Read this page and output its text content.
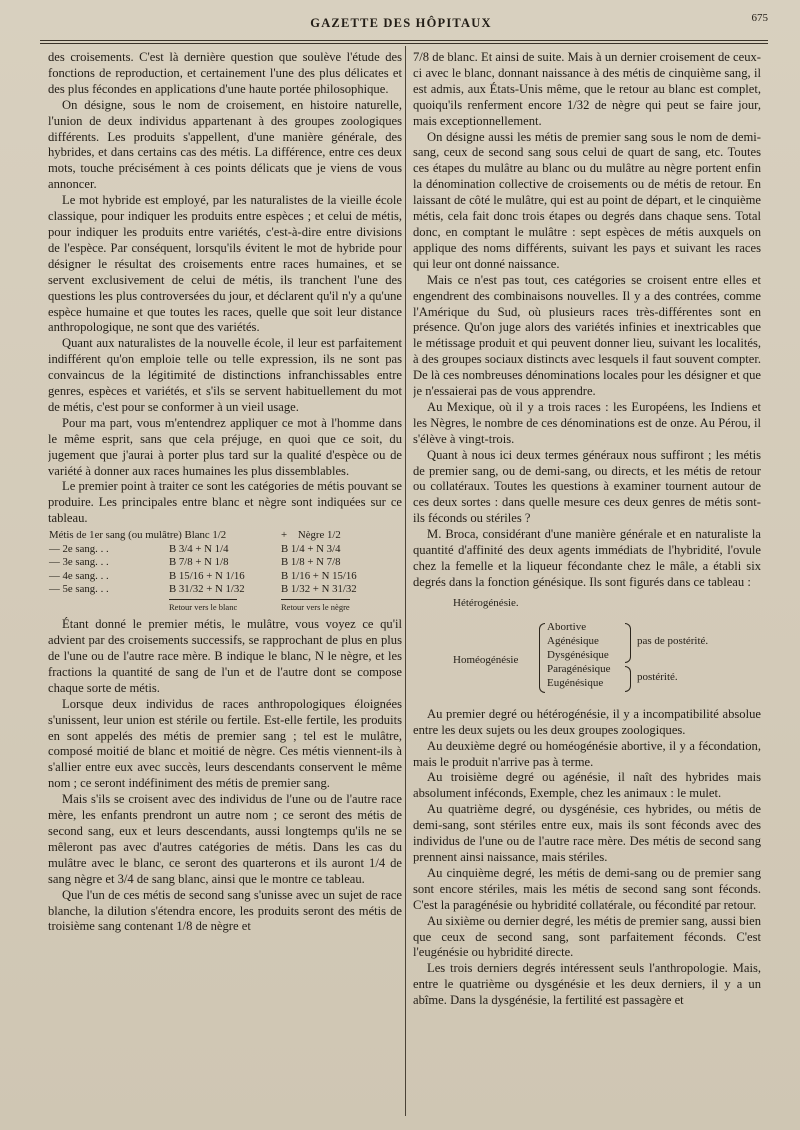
GAZETTE DES HÔPITAUX	675

des croisements. C'est là dernière question que soulève l'étude des fonctions de reproduction, et certainement l'une des plus délicates et des plus fécondes en applications d'une haute portée philosophique.

On désigne, sous le nom de croisement, en histoire naturelle, l'union de deux individus appartenant à des groupes zoologiques différents. Les produits s'appellent, d'une manière générale, des hybrides, et dans certains cas des métis. La différence, entre ces deux mots, touche précisément à ces points délicats que je viens de vous annoncer.

Le mot hybride est employé, par les naturalistes de la vieille école classique, pour indiquer les produits entre espèces ; et celui de métis, pour indiquer les produits entre variétés, c'est-à-dire entre divisions de l'espèce. Par conséquent, lorsqu'ils évitent le mot de hybride pour désigner le résultat des croisements entre races humaines, et se servent exclusivement de celui de métis, ils tranchent l'une des questions les plus controversées du jour, et déclarent qu'il n'y a qu'une espèce humaine et que toutes les races, quelle que soit leur distance anthropologique, ne sont que des variétés.

Quant aux naturalistes de la nouvelle école, il leur est parfaitement indifférent qu'on emploie telle ou telle expression, ils ne sont pas convaincus de la légitimité de distinctions infranchissables entre genres, espèces et variétés, et s'ils se servent habituellement du mot de métis, c'est pour se conformer à un vieil usage.

Pour ma part, vous m'entendrez appliquer ce mot à l'homme dans le même esprit, sans que cela préjuge, en quoi que ce soit, du jugement que j'aurai à porter plus tard sur la qualité d'espèce ou de variété à donner aux races humaines les plus dissemblables.

Le premier point à traiter ce sont les catégories de métis pouvant se produire. Les principales entre blanc et nègre sont indiquées sur ce tableau.

Métis de 1er sang (ou mulâtre) Blanc 1/2		+ Nègre 1/2
— 2e sang. . .	B 3/4 + N 1/4	B 1/4 + N 3/4
— 3e sang. . .	B 7/8 + N 1/8	B 1/8 + N 7/8
— 4e sang. . .	B 15/16 + N 1/16	B 1/16 + N 15/16
— 5e sang. . .	B 31/32 + N 1/32	B 1/32 + N 31/32
	Retour vers le blanc	Retour vers le nègre

Étant donné le premier métis, le mulâtre, vous voyez ce qu'il advient par des croisements successifs, se rapprochant de plus en plus de l'une ou de l'autre race mère. B indique le blanc, N le nègre, et les fractions la quantité de sang de l'un et de l'autre dont se compose chaque sorte de métis.

Lorsque deux individus de races anthropologiques éloignées s'unissent, leur union est stérile ou fertile. Est-elle fertile, les produits en sont appelés des métis de premier sang ; tel est le mulâtre, composé moitié de blanc et moitié de nègre. Ces métis viennent-ils à s'allier entre eux avec succès, leurs descendants conservent le même nom ; ce seront indéfiniment des métis de premier sang.

Mais s'ils se croisent avec des individus de l'une ou de l'autre race mère, les enfants prendront un autre nom ; ce seront des métis de second sang, eux et leurs descendants, aussi longtemps qu'ils ne se mêleront pas avec d'autres catégories de métis. Dans les cas du mulâtre avec le blanc, ce seront des quarterons et ils auront 1/4 de sang nègre et 3/4 de sang blanc, ainsi que le montre ce tableau.

Que l'un de ces métis de second sang s'unisse avec un sujet de race blanche, la dilution s'étendra encore, les produits seront des métis de troisième sang contenant 1/8 de nègre et

7/8 de blanc. Et ainsi de suite. Mais à un dernier croisement de ceux-ci avec le blanc, donnant naissance à des métis de cinquième sang, il est admis, aux États-Unis même, que le retour au blanc est complet, quoiqu'ils renferment encore 1/32 de nègre qui peut se faire jour, mais exceptionnellement.

On désigne aussi les métis de premier sang sous le nom de demi-sang, ceux de second sang sous celui de quart de sang, etc. Toutes ces étapes du mulâtre au blanc ou du mulâtre au nègre portent enfin la dénomination collective de croisements ou de métis de retour. En laissant de côté le mulâtre, qui est au point de départ, et le cinquième métis, cela fait donc trois étapes ou degrés dans chaque sens. Total donc, en comptant le mulâtre : sept espèces de métis auxquels on applique des noms différents, suivant les pays et suivant les races qui leur ont donné naissance.

Mais ce n'est pas tout, ces catégories se croisent entre elles et engendrent des combinaisons nouvelles. Il y a des contrées, comme l'Amérique du Sud, où plusieurs races très-différentes sont en présence. Qu'on juge alors des variétés infinies et inextricables que le métissage produit et qui peuvent donner lieu, suivant les localités, à des groupes sociaux distincts avec lesquels il faut souvent compter. De là ces nombreuses dénominations locales pour les désigner et que je n'essaierai pas de vous apprendre.

Au Mexique, où il y a trois races : les Européens, les Indiens et les Nègres, le nombre de ces dénominations est de onze. Au Pérou, il s'élève à vingt-trois.

Quant à nous ici deux termes généraux nous suffiront ; les métis de premier sang, ou de demi-sang, ou directs, et les métis de retour ou collatéraux. Toutes les questions à examiner tournent autour de ces deux sortes : dans quelle mesure ces deux genres de métis sont-ils féconds ou stériles ?

M. Broca, considérant d'une manière générale et en naturaliste la quantité d'affinité des deux agents immédiats de l'hybridité, l'ovule chez la femelle et la liqueur fécondante chez le mâle, a établi six degrés dans la fonction génésique. Ils sont figurés dans ce tableau :

Hétérogénésie.
Homéogénésie
Abortive
Agénésique
Dysgénésique
Paragénésique
Eugénésique
pas de postérité.
postérité.

Au premier degré ou hétérogénésie, il y a incompatibilité absolue entre les deux sujets ou les deux groupes zoologiques.

Au deuxième degré ou homéogénésie abortive, il y a fécondation, mais le produit n'arrive pas à terme.

Au troisième degré ou agénésie, il naît des hybrides mais absolument inféconds, Exemple, chez les animaux : le mulet.

Au quatrième degré, ou dysgénésie, ces hybrides, ou métis de demi-sang, sont stériles entre eux, mais ils sont féconds avec des individus de l'une ou de l'autre race mère. Des métis de second sang prennent ainsi naissance, mais stériles.

Au cinquième degré, les métis de demi-sang ou de premier sang sont encore stériles, mais les métis de second sang sont féconds. C'est la paragénésie ou hybridité collatérale, ou fécondité par retour.

Au sixième ou dernier degré, les métis de premier sang, aussi bien que ceux de second sang, sont parfaitement féconds. C'est l'eugénésie ou hybridité directe.

Les trois derniers degrés intéressent seuls l'anthropologie. Mais, entre le quatrième ou dysgénésie et les deux derniers, il y a un abîme. Dans la dysgénésie, la fertilité est passagère et
